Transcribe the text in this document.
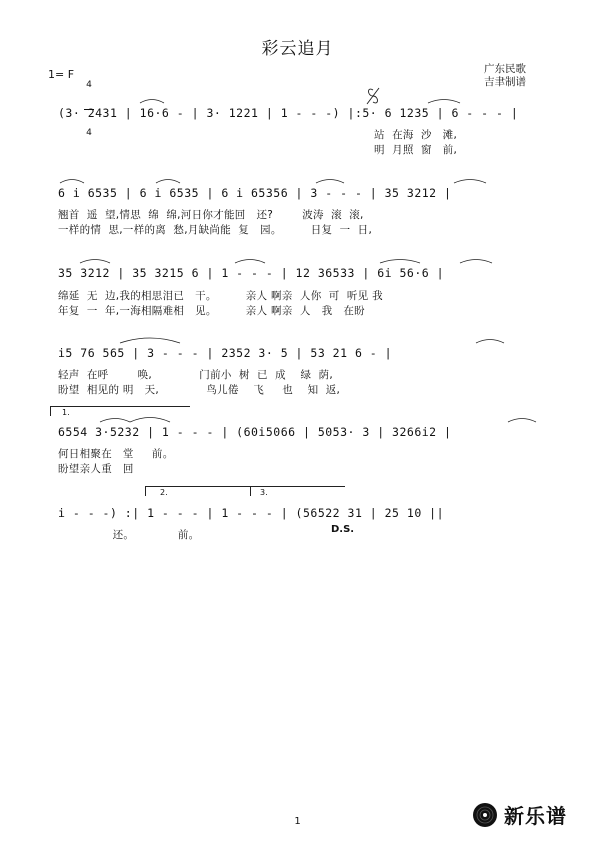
彩云追月
1= F

4

4

广东民歌
吉聿制谱
(3· 2431 | 16·6 - | 3· 1221 | 1 - - -) |:5· 6 1235 | 6 - - - |
站  在海  沙   滩,
明  月照  窗   前,
6 i 6535 | 6 i 6535 | 6 i 65356 | 3 - - - | 35 3212 |
翘首  遥  望,情思  绵  绵,河日你才能回   还?        波涛  滚  滚,
一样的情  思,一样的离  愁,月缺尚能  复   园。        日复  一  日,
35 3212 | 35 3215 6 | 1 - - - | 12 36533 | 6i 56·6 |
绵延  无  边,我的相思泪已   干。        亲人 啊亲  人你  可  听见 我
年复  一  年,一海相隔难相   见。        亲人 啊亲  人   我   在盼
i5 76 565 | 3 - - - | 2352 3· 5 | 53 21 6 - |
轻声  在呼        唤,             门前小  树  已  成    绿  荫,
盼望  相见的 明   天,             鸟儿倦    飞     也    知  返,
1.
6554 3·5232 | 1 - - - | (60i5066 | 5053· 3 | 3266i2 |
何日相聚在   堂     前。
盼望亲人重   回
2.	3.
i - - -) :| 1 - - - | 1 - - - | (56522 31 | 25 10 ||
还。            前。	D.S.
1	新乐谱
